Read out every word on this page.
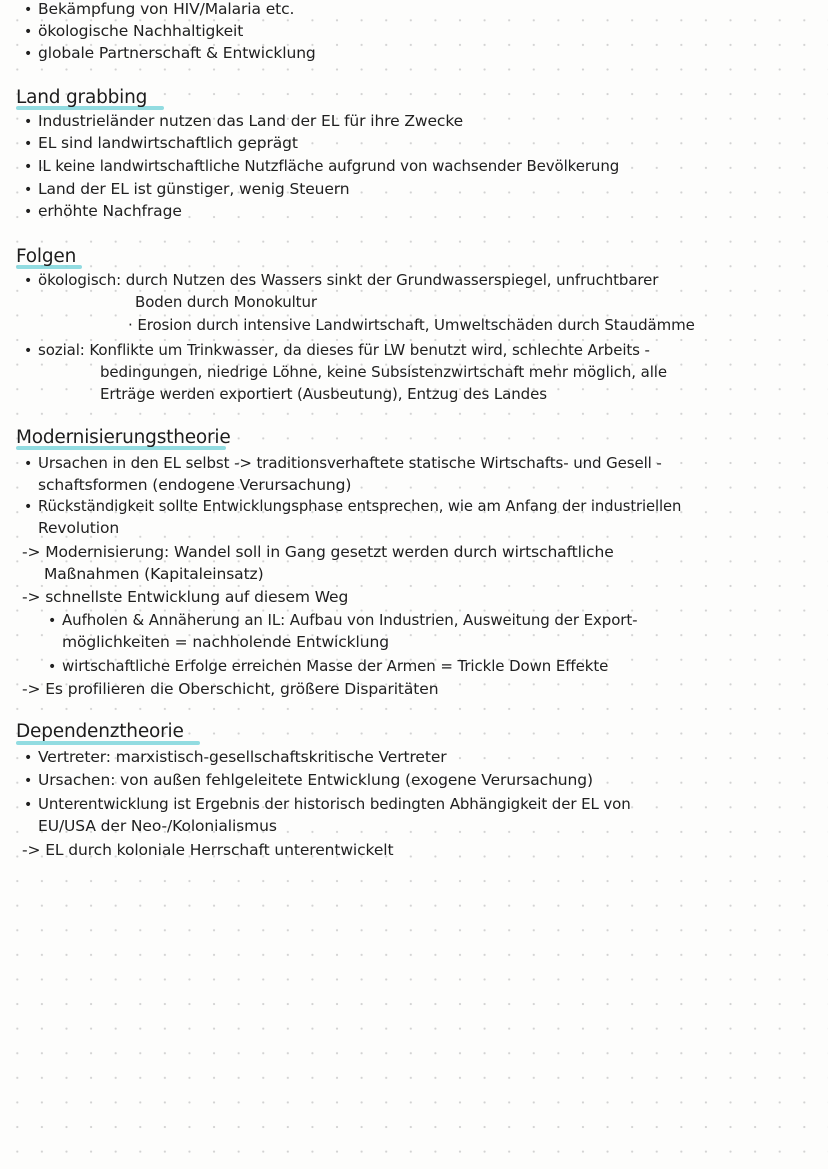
• Bekämpfung von HIV/Malaria etc.
• ökologische Nachhaltigkeit
• globale Partnerschaft & Entwicklung
Land grabbing
• Industrieländer nutzen das Land der EL für ihre Zwecke
• EL sind landwirtschaftlich geprägt
• IL keine landwirtschaftliche Nutzfläche aufgrund von wachsender Bevölkerung
• Land der EL ist günstiger, wenig Steuern
• erhöhte Nachfrage
Folgen
• ökologisch: durch Nutzen des Wassers sinkt der Grundwasserspiegel, unfruchtbarer
Boden durch Monokultur
· Erosion durch intensive Landwirtschaft, Umweltschäden durch Staudämme
• sozial: Konflikte um Trinkwasser, da dieses für LW benutzt wird, schlechte Arbeits -
bedingungen, niedrige Löhne, keine Subsistenzwirtschaft mehr möglich, alle
Erträge werden exportiert (Ausbeutung), Entzug des Landes
Modernisierungstheorie
• Ursachen in den EL selbst -> traditionsverhaftete statische Wirtschafts- und Gesell -
schaftsformen (endogene Verursachung)
• Rückständigkeit sollte Entwicklungsphase entsprechen, wie am Anfang der industriellen
Revolution
-> Modernisierung: Wandel soll in Gang gesetzt werden durch wirtschaftliche
Maßnahmen (Kapitaleinsatz)
-> schnellste Entwicklung auf diesem Weg
• Aufholen & Annäherung an IL: Aufbau von Industrien, Ausweitung der Export-
möglichkeiten = nachholende Entwicklung
• wirtschaftliche Erfolge erreichen Masse der Armen = Trickle Down Effekte
-> Es profilieren die Oberschicht, größere Disparitäten
Dependenztheorie
• Vertreter: marxistisch-gesellschaftskritische Vertreter
• Ursachen: von außen fehlgeleitete Entwicklung (exogene Verursachung)
• Unterentwicklung ist Ergebnis der historisch bedingten Abhängigkeit der EL von
EU/USA der Neo-/Kolonialismus
-> EL durch koloniale Herrschaft unterentwickelt
